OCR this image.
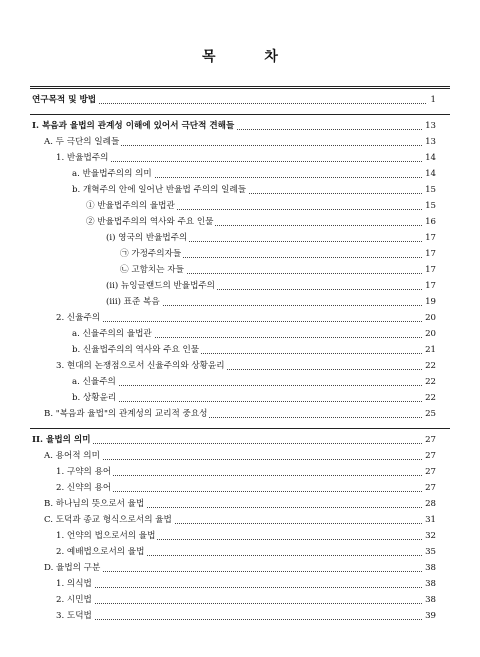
목 차
연구목적 및 방법	1
I. 복음과 율법의 관계성 이해에 있어서 극단적 견해들	13
A. 두 극단의 일례들	13
1. 반율법주의	14
a. 반율법주의의 의미	14
b. 개혁주의 안에 일어난 반율법 주의의 일례들	15
① 반율법주의의 율법관	15
② 반율법주의의 역사와 주요 인물	16
(i) 영국의 반율법주의	17
㉠ 가정주의자들	17
㉡ 고함치는 자들	17
(ii) 뉴잉글랜드의 반율법주의	17
(iii) 표준 복음	19
2. 신율주의	20
a. 신율주의의 율법관	20
b. 신율법주의의 역사와 주요 인물	21
3. 현대의 논쟁점으로서 신율주의와 상황윤리	22
a. 신율주의	22
b. 상황윤리	22
B. "복음과 율법"의 관계성의 교리적 중요성	25
II. 율법의 의미	27
A. 용어적 의미	27
1. 구약의 용어	27
2. 신약의 용어	27
B. 하나님의 뜻으로서 율법	28
C. 도덕과 종교 형식으로서의 율법	31
1. 언약의 법으로서의 율법	32
2. 예배법으로서의 율법	35
D. 율법의 구분	38
1. 의식법	38
2. 시민법	38
3. 도덕법	39
